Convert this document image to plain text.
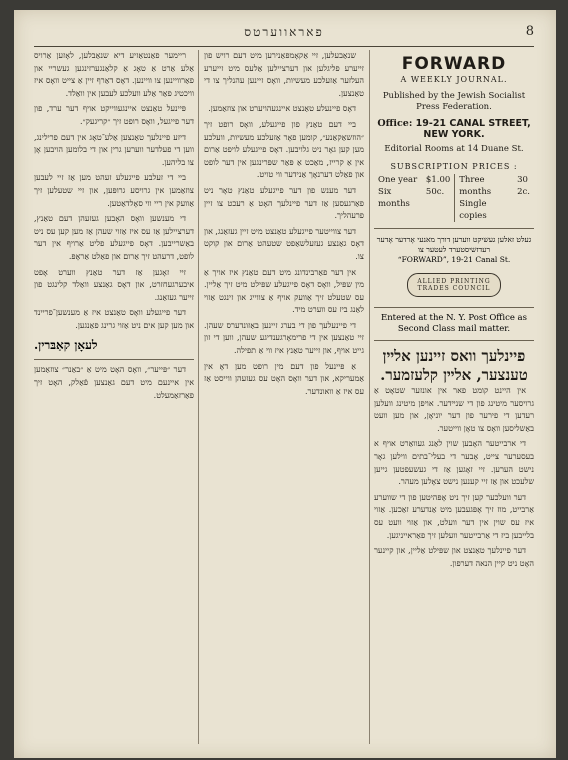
פאראווערטס	8
FORWARD
A WEEKLY JOURNAL.
Published by the Jewish Socialist Press Federation.
Office: 19-21 CANAL STREET, NEW YORK.
Editorial Rooms at 14 Duane St.
SUBSCRIPTION PRICES :
One year
Six months
$1.00
50c.
Three months
Single copies
30
2c.
געלט זאלען געשיקט ווערען דורך מאנעי אָרדער אָדער רעדזשיסטערד לעטער צו
“FORWARD”, 19-21 Canal St.
ALLIED PRINTING TRADES COUNCIL
Entered at the N. Y. Post Office as Second Class mail matter.
פיינלעך וואס זיינען אלײן טענצער, אלײן קלעזמער.

אין היינט קומט פאר אין אונזער שטאָט אַ גרויסער מיטינג פון די שנײדער. אויפן מיטינג וועלען רעדען די פירער פון דער יוניאָן, און מען וועט באַשליסען וואָס צו טאָן ווייטער.

די ארבייטער האָבען שוין לאַנג געוואַרט אויף א בעסערער צייט, אָבער די בעלי־בתים ווילען גאָר נישט הערען. זיי זאָגען אַז די געשעפטען גייען שלעכט און אַז זיי קענען נישט צאָלען מעהר.

דער וועלכער קען זיך ניט אָפּהיטען פון די שווערע אַרבייט, מוז זיך אָפּגעבען מיט אַנדערע זאַכען. אַזוי איז עס שוין אין דער וועלט, און אַזוי וועט עס בלייבען ביז די אַרבייטער וועלען זיך פאַראייניגען.

דער פיינלעך טאַנצט און שפּילט אַליין, און קיינער האָט ניט קיין הנאה דערפון.

שנאַבעלען, זיי אַקאָמפּאַנירען מיט דעם רויש פון זייערע פליגלען און דערציילען אַלעס מיט זייערע העלזער אַזעלכע מעשיות, וואָס זיינען עהנליך צו די טאַנצען.

דאָס פיינעלע טאַנצט איינגעהויערט און צוזאַמען.

ביי דעם טאַנץ פון פייגעלע, וואָס רופט זיך ״הוזשאַקאַנע״, קומען פאָר אַזעלכע מעשיות, וועלכע מען קען גאָר ניט גלויבען. דאָס פייגעלע לויפט אַרום אין אַ קרייז, מאַכט אַ פּאַר שפּרינגען אין דער לופט און פאַלט דערנאָך אַנידער ווי טויט.

דער מענש פון דער פייגעלע טאַנץ טאָר ניט פאַרגעסען אַז דער פיינלעך האָט אַ רעכט צו זיין פרעהליך.

דער צווייטער פייגעלע טאַנצט מיט זיין געזאַנג, און דאָס גאַנצע געזעלשאַפט שטעהט אַרום און קוקט צו.

אין דער פאַרבינדונג מיט דעם טאַנץ איז אויך אַ מין שפּיל, וואָס דאָס פייגעלע שפּילט מיט זיך אַליין. עס שטעלט זיך אַוועק אויף אַ צווייג און זינגט אַזוי לאַנג ביז עס ווערט מיד.

די פיינעלעך פון די בערג זיינען באַזונדערס שעהן. זיי טאַנצען אין די פרימאָרגענדיגע שעהן, ווען די זון גייט אויף, און זייער טאַנץ איז ווי אַ תפילה.

אַ פּיינעל פון דעם מין רופט מען דאָ אין אַמעריקא, און דער וואָס האָט עס געזעהן ווייסט אַז עס איז אַ וואונדער.

ריימער פאַנטאַזיע דיא שנאַבלען, לאָזען אַרויס אַלע אַרט אַ טאָג אַ קלאַנגערזינגען געשריי און פאַרוויינען צו וויינען. דאָס דאַרף זיין אַ צייט וואָס איז וויכטיג פאַר אַלע וועלכע לעבען אין וואַלד.

פּיינעל טאַנצט איינגעווייקט אויף דער ערד, פון דער פייגעל, וואָס רופט זיך ״קריגעק״.

דיזע פיינלעך טאַנצען אַלע־טאָג אין דעם פרילינג, ווען די פעלדער ווערען גרין און די בלומען הויבען אָן צו בליהען.

ביי די זעלבע פייגעלע זעהט מען אַז זיי לעבען צוזאַמען אין גרויסע גרופּען, און זיי שטעלען זיך אַוועק אין ריי ווי סאָלדאַטען.

די מענשען וואָס האָבען געזעהן דעם טאַנץ, דערציילען אַז עס איז אַזוי שעהן אַז מען קען עס ניט באַשרייבען. דאָס פייגעלע פליט אַרויף אין דער לופט, דרעהט זיך אַרום און פאַלט אַראָפּ.

זיי זאָגען אַז דער טאַנץ ווערט אָפט איבערגעחזרט, און דאָס גאַנצע וואַלד קלינגט פון זייער געזאַנג.

דער פייגעלע וואָס טאַנצט איז אַ מענשען־פריינד און מען קען אים ניט אַזוי גרינג פאַנגען.

לעאָן קאַבּרין.

דער ״פּייער״, וואָס האָט מיט אַ ״באַנר״ צוזאַמען אין איינעם מיט דעם גאַנצען פֿאַלק, האָט זיך פאַרזאַמעלט.
